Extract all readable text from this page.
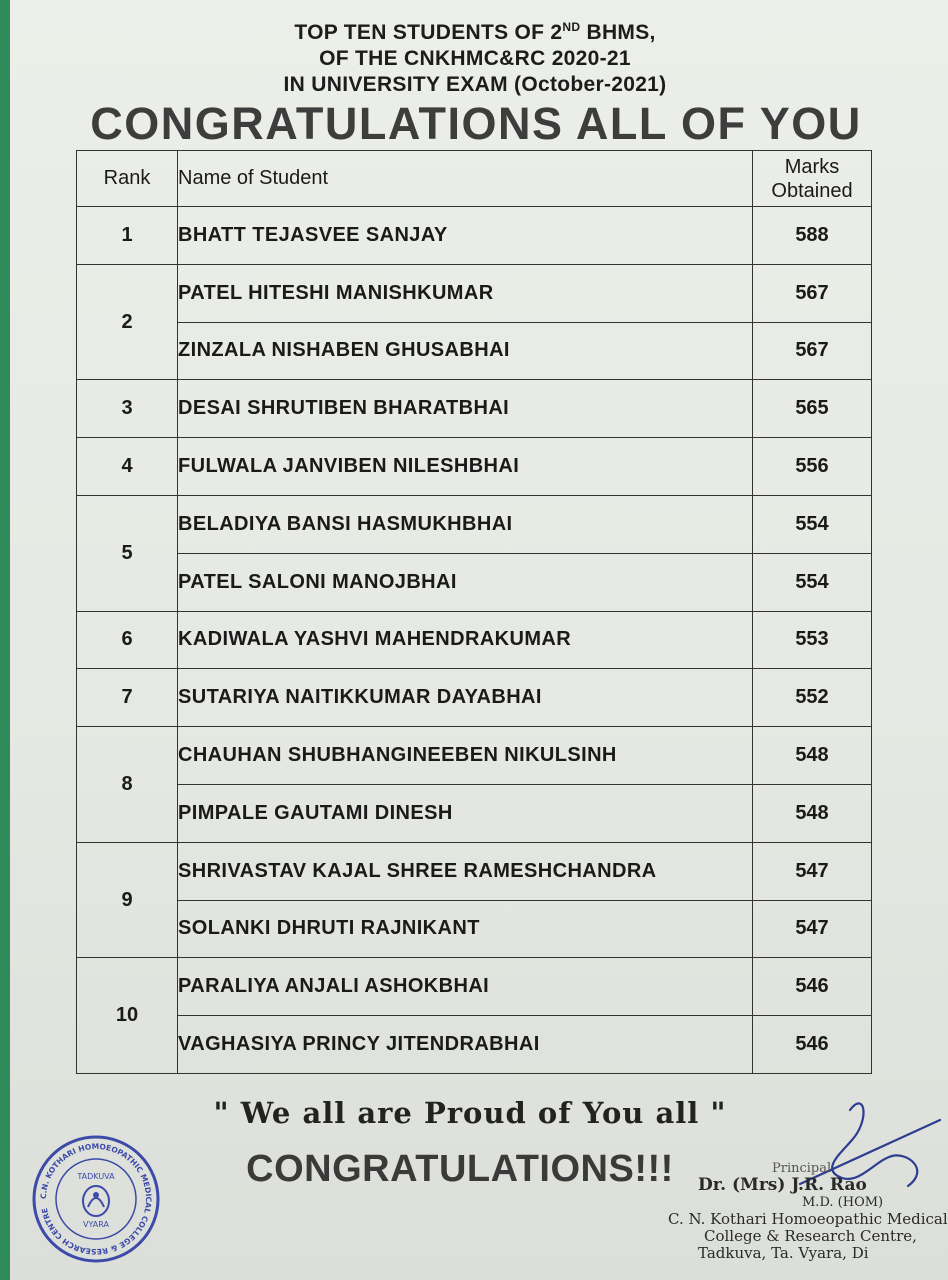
TOP TEN STUDENTS OF 2ND BHMS,
OF THE CNKHMC&RC 2020-21
IN UNIVERSITY EXAM (October-2021)
CONGRATULATIONS ALL OF YOU
Rank	Name of Student	Marks
Obtained
1	BHATT TEJASVEE SANJAY	588
2	PATEL HITESHI MANISHKUMAR	567
	ZINZALA NISHABEN GHUSABHAI	567
3	DESAI SHRUTIBEN BHARATBHAI	565
4	FULWALA JANVIBEN NILESHBHAI	556
5	BELADIYA BANSI HASMUKHBHAI	554
	PATEL SALONI MANOJBHAI	554
6	KADIWALA YASHVI MAHENDRAKUMAR	553
7	SUTARIYA NAITIKKUMAR DAYABHAI	552
8	CHAUHAN SHUBHANGINEEBEN NIKULSINH	548
	PIMPALE GAUTAMI DINESH	548
9	SHRIVASTAV KAJAL SHREE RAMESHCHANDRA	547
	SOLANKI DHRUTI RAJNIKANT	547
10	PARALIYA ANJALI ASHOKBHAI	546
	VAGHASIYA PRINCY JITENDRABHAI	546
" We all are Proud of You all "
CONGRATULATIONS!!!
C.N. KOTHARI HOMOEOPATHIC MEDICAL COLLEGE & RESEARCH CENTRE
TADKUVA
VYARA
Principal
Dr. (Mrs) J.R. Rao
M.D. (HOM)
C. N. Kothari Homoeopathic Medical
College & Research Centre,
Tadkuva, Ta. Vyara, Di
